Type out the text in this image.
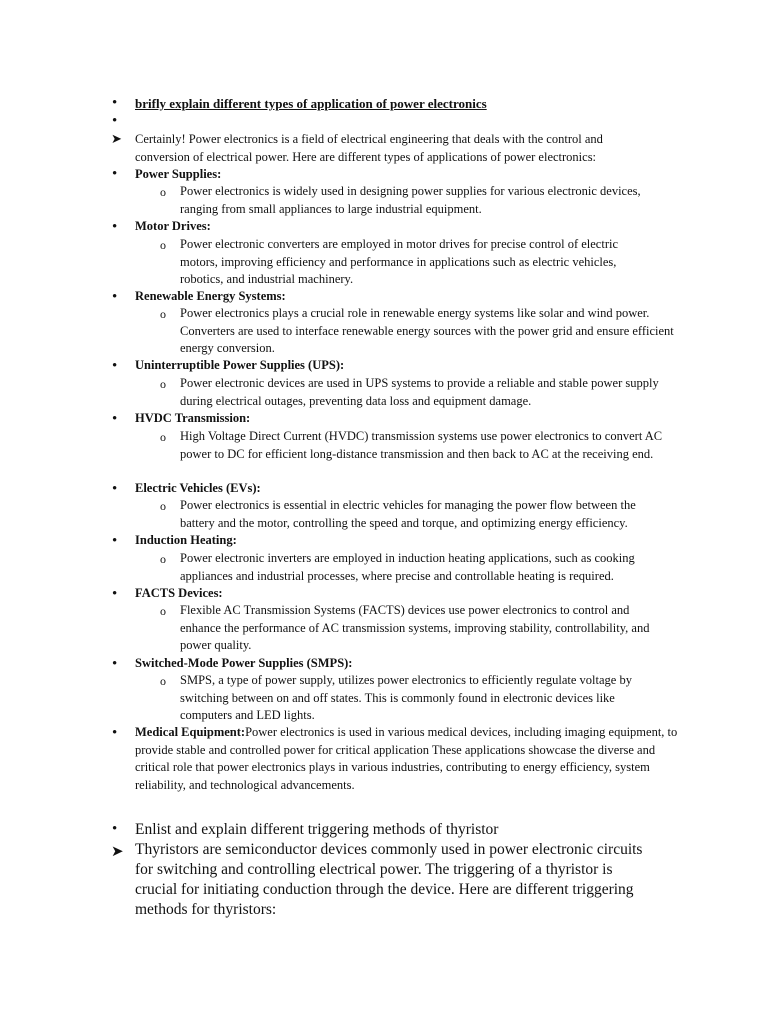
•
brifly explain different types of application of power electronics
•
➤ Certainly! Power electronics is a field of electrical engineering that deals with the control and conversion of electrical power. Here are different types of applications of power electronics:
•
Power Supplies:
o
Power electronics is widely used in designing power supplies for various electronic devices, ranging from small appliances to large industrial equipment.
•
Motor Drives:
o
Power electronic converters are employed in motor drives for precise control of electric motors, improving efficiency and performance in applications such as electric vehicles, robotics, and industrial machinery.
•
Renewable Energy Systems:
o
Power electronics plays a crucial role in renewable energy systems like solar and wind power. Converters are used to interface renewable energy sources with the power grid and ensure efficient energy conversion.
•
Uninterruptible Power Supplies (UPS):
o
Power electronic devices are used in UPS systems to provide a reliable and stable power supply during electrical outages, preventing data loss and equipment damage.
•
HVDC Transmission:
o
High Voltage Direct Current (HVDC) transmission systems use power electronics to convert AC power to DC for efficient long-distance transmission and then back to AC at the receiving end.
•
Electric Vehicles (EVs):
o
Power electronics is essential in electric vehicles for managing the power flow between the battery and the motor, controlling the speed and torque, and optimizing energy efficiency.
•
Induction Heating:
o
Power electronic inverters are employed in induction heating applications, such as cooking appliances and industrial processes, where precise and controllable heating is required.
•
FACTS Devices:
o
Flexible AC Transmission Systems (FACTS) devices use power electronics to control and enhance the performance of AC transmission systems, improving stability, controllability, and power quality.
•
Switched-Mode Power Supplies (SMPS):
o
SMPS, a type of power supply, utilizes power electronics to efficiently regulate voltage by switching between on and off states. This is commonly found in electronic devices like computers and LED lights.
•
Medical Equipment:Power electronics is used in various medical devices, including imaging equipment, to provide stable and controlled power for critical application These applications showcase the diverse and critical role that power electronics plays in various industries, contributing to energy efficiency, system reliability, and technological advancements.
•
Enlist and explain different triggering methods of thyristor
➤ Thyristors are semiconductor devices commonly used in power electronic circuits for switching and controlling electrical power. The triggering of a thyristor is crucial for initiating conduction through the device. Here are different triggering methods for thyristors:
